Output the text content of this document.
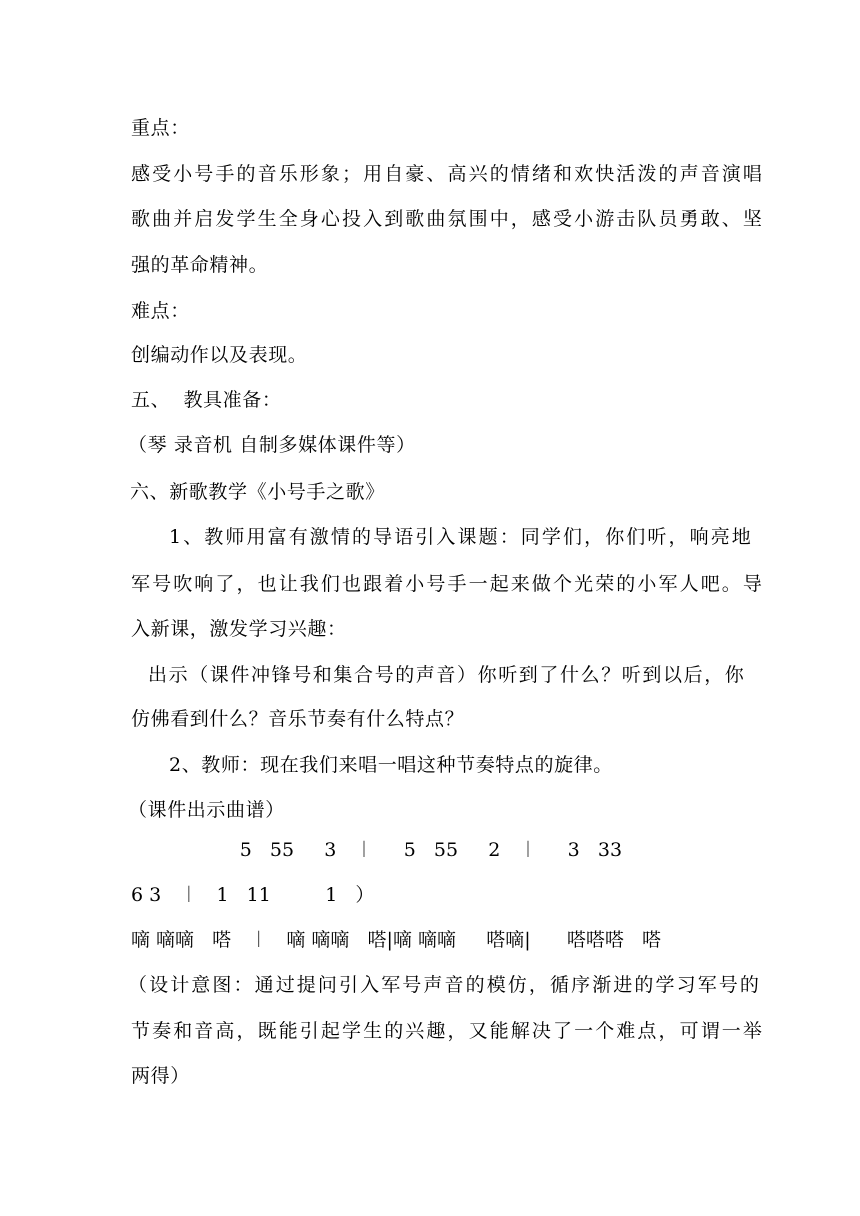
重点：
感受小号手的音乐形象；用自豪、高兴的情绪和欢快活泼的声音演唱
歌曲并启发学生全身心投入到歌曲氛围中，感受小游击队员勇敢、坚
强的革命精神。
难点：
创编动作以及表现。
五、  教具准备：
（琴 录音机 自制多媒体课件等）
六、新歌教学《小号手之歌》
1、教师用富有激情的导语引入课题：同学们，你们听，响亮地
军号吹响了，也让我们也跟着小号手一起来做个光荣的小军人吧。导
入新课，激发学习兴趣：
出示（课件冲锋号和集合号的声音）你听到了什么？听到以后，你
仿佛看到什么？音乐节奏有什么特点？
2、教师：现在我们来唱一唱这种节奏特点的旋律。
（课件出示曲谱）
5   55     3   ︱     5   55     2   ︱     3   33
6 3   ︱   1   11         1   ）
嘀 嘀嘀   嗒   ︱   嘀 嘀嘀   嗒|嘀 嘀嘀     嗒嘀|      嗒嗒嗒   嗒
（设计意图：通过提问引入军号声音的模仿，循序渐进的学习军号的
节奏和音高，既能引起学生的兴趣，又能解决了一个难点，可谓一举
两得）
